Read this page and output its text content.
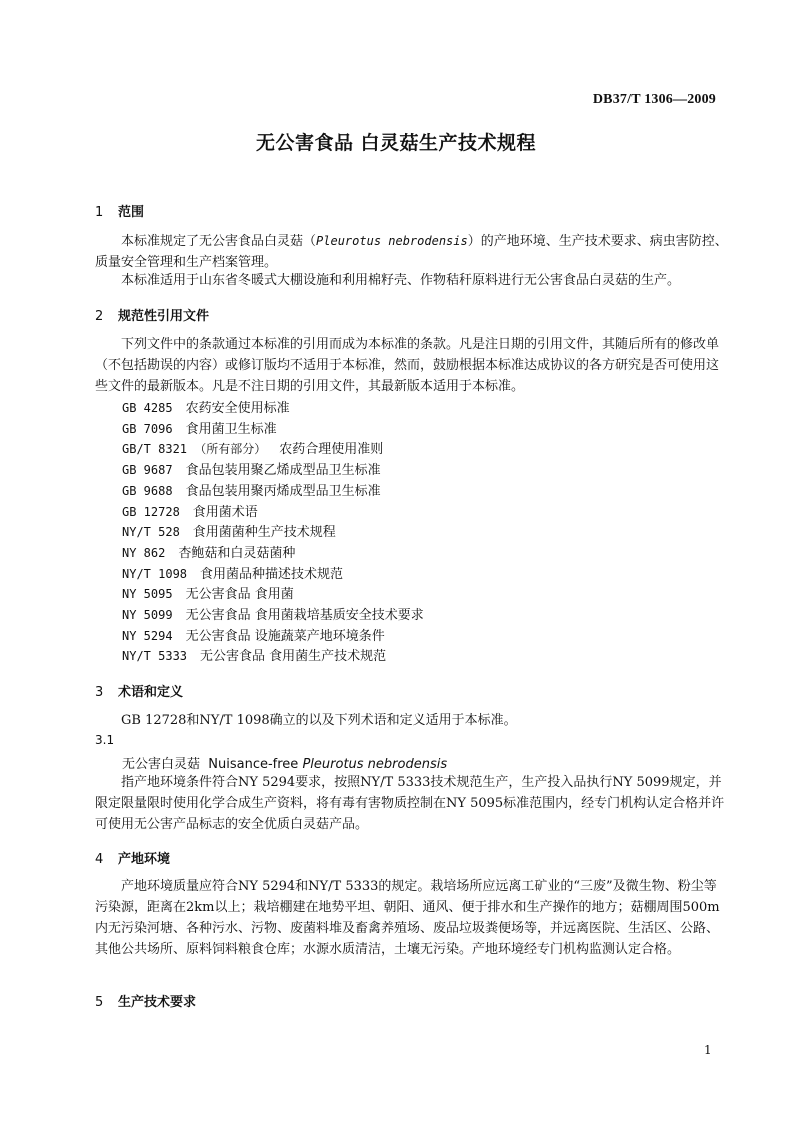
DB37/T 1306—2009
无公害食品 白灵菇生产技术规程
1 范围
本标准规定了无公害食品白灵菇（Pleurotus nebrodensis）的产地环境、生产技术要求、病虫害防控、质量安全管理和生产档案管理。
本标准适用于山东省冬暖式大棚设施和利用棉籽壳、作物秸秆原料进行无公害食品白灵菇的生产。
2 规范性引用文件
下列文件中的条款通过本标准的引用而成为本标准的条款。凡是注日期的引用文件，其随后所有的修改单（不包括勘误的内容）或修订版均不适用于本标准，然而，鼓励根据本标准达成协议的各方研究是否可使用这些文件的最新版本。凡是不注日期的引用文件，其最新版本适用于本标准。
GB 4285   农药安全使用标准
GB 7096   食用菌卫生标准
GB/T 8321 （所有部分）   农药合理使用准则
GB 9687   食品包装用聚乙烯成型品卫生标准
GB 9688   食品包装用聚丙烯成型品卫生标准
GB 12728   食用菌术语
NY/T 528   食用菌菌种生产技术规程
NY 862   杏鲍菇和白灵菇菌种
NY/T 1098   食用菌品种描述技术规范
NY 5095   无公害食品 食用菌
NY 5099   无公害食品 食用菌栽培基质安全技术要求
NY 5294   无公害食品 设施蔬菜产地环境条件
NY/T 5333   无公害食品 食用菌生产技术规范
3 术语和定义
GB 12728和NY/T 1098确立的以及下列术语和定义适用于本标准。
3.1
无公害白灵菇 Nuisance-free Pleurotus nebrodensis
指产地环境条件符合NY 5294要求，按照NY/T 5333技术规范生产，生产投入品执行NY 5099规定，并限定限量限时使用化学合成生产资料，将有毒有害物质控制在NY 5095标准范围内，经专门机构认定合格并许可使用无公害产品标志的安全优质白灵菇产品。
4 产地环境
产地环境质量应符合NY 5294和NY/T 5333的规定。栽培场所应远离工矿业的“三废”及微生物、粉尘等污染源，距离在2km以上；栽培棚建在地势平坦、朝阳、通风、便于排水和生产操作的地方；菇棚周围500m内无污染河塘、各种污水、污物、废菌料堆及畜禽养殖场、废品垃圾粪便场等，并远离医院、生活区、公路、其他公共场所、原料饲料粮食仓库；水源水质清洁，土壤无污染。产地环境经专门机构监测认定合格。
5 生产技术要求
1
